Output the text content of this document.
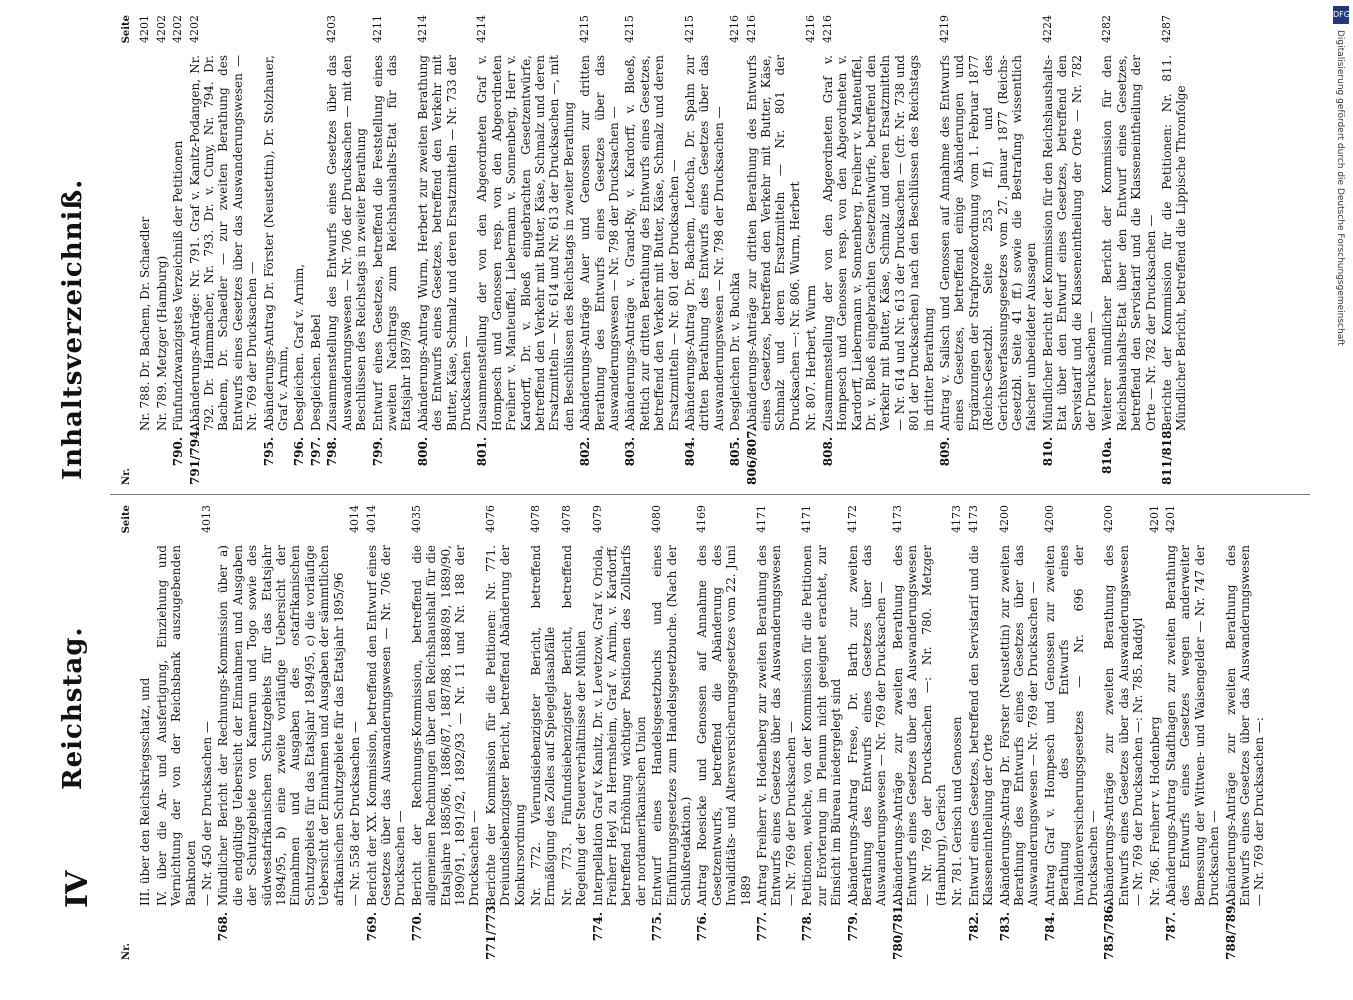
IV
Reichstag.
Inhaltsverzeichniß.
Nr.
Seite
III. über den Reichskriegsschatz, und IV. über die An- und Ausfertigung, Einziehung und Vernichtung der von der Reichsbank auszugebenden Banknoten — Nr. 450 der Drucksachen —
4013
768.
Mündlicher Bericht der Rechnungs-Kommission über a) die endgültige Uebersicht der Einnahmen und Ausgaben der Schutzgebiete von Kamerun und Togo sowie des südwestafrikanischen Schutzgebiets für das Etatsjahr 1894/95, b) eine zweite vorläufige Uebersicht der Einnahmen und Ausgaben des ostafrikanischen Schutzgebiets für das Etatsjahr 1894/95, c) die vorläufige Uebersicht der Einnahmen und Ausgaben der sämmtlichen afrikanischen Schutzgebiete für das Etatsjahr 1895/96 — Nr. 558 der Drucksachen —
4014
769.
Bericht der XX. Kommission, betreffend den Entwurf eines Gesetzes über das Auswanderungswesen — Nr. 706 der Drucksachen —
4014
770.
Bericht der Rechnungs-Kommission, betreffend die allgemeinen Rechnungen über den Reichshaushalt für die Etatsjahre 1885/86, 1886/87, 1887/88, 1888/89, 1889/90, 1890/91, 1891/92, 1892/93 — Nr. 11 und Nr. 188 der Drucksachen —
4035
771/773.
Berichte der Kommission für die Petitionen: Nr. 771. Dreiundsiebenzigster Bericht, betreffend Abänderung der Konkursordnung
4076
Nr. 772. Vierundsiebenzigster Bericht, betreffend Ermäßigung des Zolles auf Spiegelglasabfälle
4078
Nr. 773. Fünfundsiebenzigster Bericht, betreffend Regelung der Steuerverhältnisse der Mühlen
4078
774.
Interpellation Graf v. Kanitz, Dr. v. Levetzow, Graf v. Oriola, Freiherr Heyl zu Herrnsheim, Graf v. Arnim, v. Kardorff, betreffend Erhöhung wichtiger Positionen des Zolltarifs der nordamerikanischen Union
4079
775.
Entwurf eines Handelsgesetzbuchs und eines Einführungsgesetzes zum Handelsgesetzbuche. (Nach der Schlußredaktion.)
4080
776.
Antrag Roesicke und Genossen auf Annahme des Gesetzentwurfs, betreffend die Abänderung des Invaliditäts- und Altersversicherungsgesetzes vom 22. Juni 1889
4169
777.
Antrag Freiherr v. Hodenberg zur zweiten Berathung des Entwurfs eines Gesetzes über das Auswanderungswesen — Nr. 769 der Drucksachen —
4171
778.
Petitionen, welche, von der Kommission für die Petitionen zur Erörterung im Plenum nicht geeignet erachtet, zur Einsicht im Büreau niedergelegt sind
4171
779.
Abänderungs-Antrag Frese, Dr. Barth zur zweiten Berathung des Entwurfs eines Gesetzes über das Auswanderungswesen — Nr. 769 der Drucksachen —
4172
780/781.
Abänderungs-Anträge zur zweiten Berathung des Entwurfs eines Gesetzes über das Auswanderungswesen — Nr. 769 der Drucksachen —: Nr. 780. Metzger (Hamburg), Gerisch
4173
Nr. 781. Gerisch und Genossen
4173
782.
Entwurf eines Gesetzes, betreffend den Servistarif und die Klasseneintheilung der Orte
4173
783.
Abänderungs-Antrag Dr. Förster (Neustettin) zur zweiten Berathung des Entwurfs eines Gesetzes über das Auswanderungswesen — Nr. 769 der Drucksachen —
4200
784.
Antrag Graf v. Hompesch und Genossen zur zweiten Berathung des Entwurfs eines Invalidenversicherungsgesetzes — Nr. 696 der Drucksachen —
4200
785/786.
Abänderungs-Anträge zur zweiten Berathung des Entwurfs eines Gesetzes über das Auswanderungswesen — Nr. 769 der Drucksachen —: Nr. 785. Raddyl
4200
Nr. 786. Freiherr v. Hodenberg
4201
787.
Abänderungs-Antrag Stadthagen zur zweiten Berathung des Entwurfs eines Gesetzes wegen anderweiter Bemessung der Wittwen- und Waisengelder — Nr. 747 der Drucksachen —
4201
788/789.
Abänderungs-Anträge zur zweiten Berathung des Entwurfs eines Gesetzes über das Auswanderungswesen — Nr. 769 der Drucksachen —:
Nr.
Seite
Nr. 788. Dr. Bachem, Dr. Schaedler
4201
Nr. 789. Metzger (Hamburg)
4202
790.
Fünfundzwanzigstes Verzeichniß der Petitionen
4202
791/794.
Abänderungs-Anträge: Nr. 791. Graf v. Kanitz-Podangen, Nr. 792. Dr. Hammacher, Nr. 793. Dr. v. Cuny, Nr. 794. Dr. Bachem, Dr. Schaedler — zur zweiten Berathung des Entwurfs eines Gesetzes über das Auswanderungswesen — Nr. 769 der Drucksachen —
4202
795.
Abänderungs-Antrag Dr. Förster (Neustettin), Dr. Stolzhauer, Graf v. Arnim,
796.
Desgleichen. Graf v. Arnim,
797.
Desgleichen. Bebel
798.
Zusammenstellung des Entwurfs eines Gesetzes über das Auswanderungswesen — Nr. 706 der Drucksachen — mit den Beschlüssen des Reichstags in zweiter Berathung
4203
799.
Entwurf eines Gesetzes, betreffend die Feststellung eines zweiten Nachtrags zum Reichshaushalts-Etat für das Etatsjahr 1897/98
4211
800.
Abänderungs-Antrag Wurm, Herbert zur zweiten Berathung des Entwurfs eines Gesetzes, betreffend den Verkehr mit Butter, Käse, Schmalz und deren Ersatzmitteln — Nr. 733 der Drucksachen —
4214
801.
Zusammenstellung der von den Abgeordneten Graf v. Hompesch und Genossen resp. von den Abgeordneten Freiherr v. Manteuffel, Liebermann v. Sonnenberg, Herr v. Kardorff, Dr. v. Bloeß eingebrachten Gesetzentwürfe, betreffend den Verkehr mit Butter, Käse, Schmalz und deren Ersatzmitteln — Nr. 614 und Nr. 613 der Drucksachen —, mit den Beschlüssen des Reichstags in zweiter Berathung
4214
802.
Abänderungs-Anträge Auer und Genossen zur dritten Berathung des Entwurfs eines Gesetzes über das Auswanderungswesen — Nr. 798 der Drucksachen —
4215
803.
Abänderungs-Anträge v. Grand-Ry, v. Kardorff, v. Bloeß, Rettich zur dritten Berathung des Entwurfs eines Gesetzes, betreffend den Verkehr mit Butter, Käse, Schmalz und deren Ersatzmitteln — Nr. 801 der Drucksachen —
4215
804.
Abänderungs-Antrag Dr. Bachem, Letocha, Dr. Spahn zur dritten Berathung des Entwurfs eines Gesetzes über das Auswanderungswesen — Nr. 798 der Drucksachen —
4215
805.
Desgleichen Dr. v. Buchka
4216
806/807.
Abänderungs-Anträge zur dritten Berathung des Entwurfs eines Gesetzes, betreffend den Verkehr mit Butter, Käse, Schmalz und deren Ersatzmitteln — Nr. 801 der Drucksachen —: Nr. 806. Wurm, Herbert
4216
Nr. 807. Herbert, Wurm
4216
808.
Zusammenstellung der von den Abgeordneten Graf v. Hompesch und Genossen resp. von den Abgeordneten v. Kardorff, Liebermann v. Sonnenberg, Freiherr v. Manteuffel, Dr. v. Bloeß eingebrachten Gesetzentwürfe, betreffend den Verkehr mit Butter, Käse, Schmalz und deren Ersatzmitteln — Nr. 614 und Nr. 613 der Drucksachen — (cfr. Nr. 738 und 801 der Drucksachen) nach den Beschlüssen des Reichstags in dritter Berathung
4216
809.
Antrag v. Salisch und Genossen auf Annahme des Entwurfs eines Gesetzes, betreffend einige Abänderungen und Ergänzungen der Strafprozeßordnung vom 1. Februar 1877 (Reichs-Gesetzbl. Seite 253 ff.) und des Gerichtsverfassungsgesetzes vom 27. Januar 1877 (Reichs-Gesetzbl. Seite 41 ff.) sowie die Bestrafung wissentlich falscher unbeeideter Aussagen
4219
810.
Mündlicher Bericht der Kommission für den Reichshaushalts-Etat über den Entwurf eines Gesetzes, betreffend den Servistarif und die Klasseneintheilung der Orte — Nr. 782 der Drucksachen —
4224
810a.
Weiterer mündlicher Bericht der Kommission für den Reichshaushalts-Etat über den Entwurf eines Gesetzes, betreffend den Servistarif und die Klasseneintheilung der Orte — Nr. 782 der Drucksachen —
4282
811/818.
Berichte der Kommission für die Petitionen: Nr. 811. Mündlicher Bericht, betreffend die Lippische Thronfolge
4287
DFG
Digitalisierung gefördert durch die Deutsche Forschungsgemeinschaft
